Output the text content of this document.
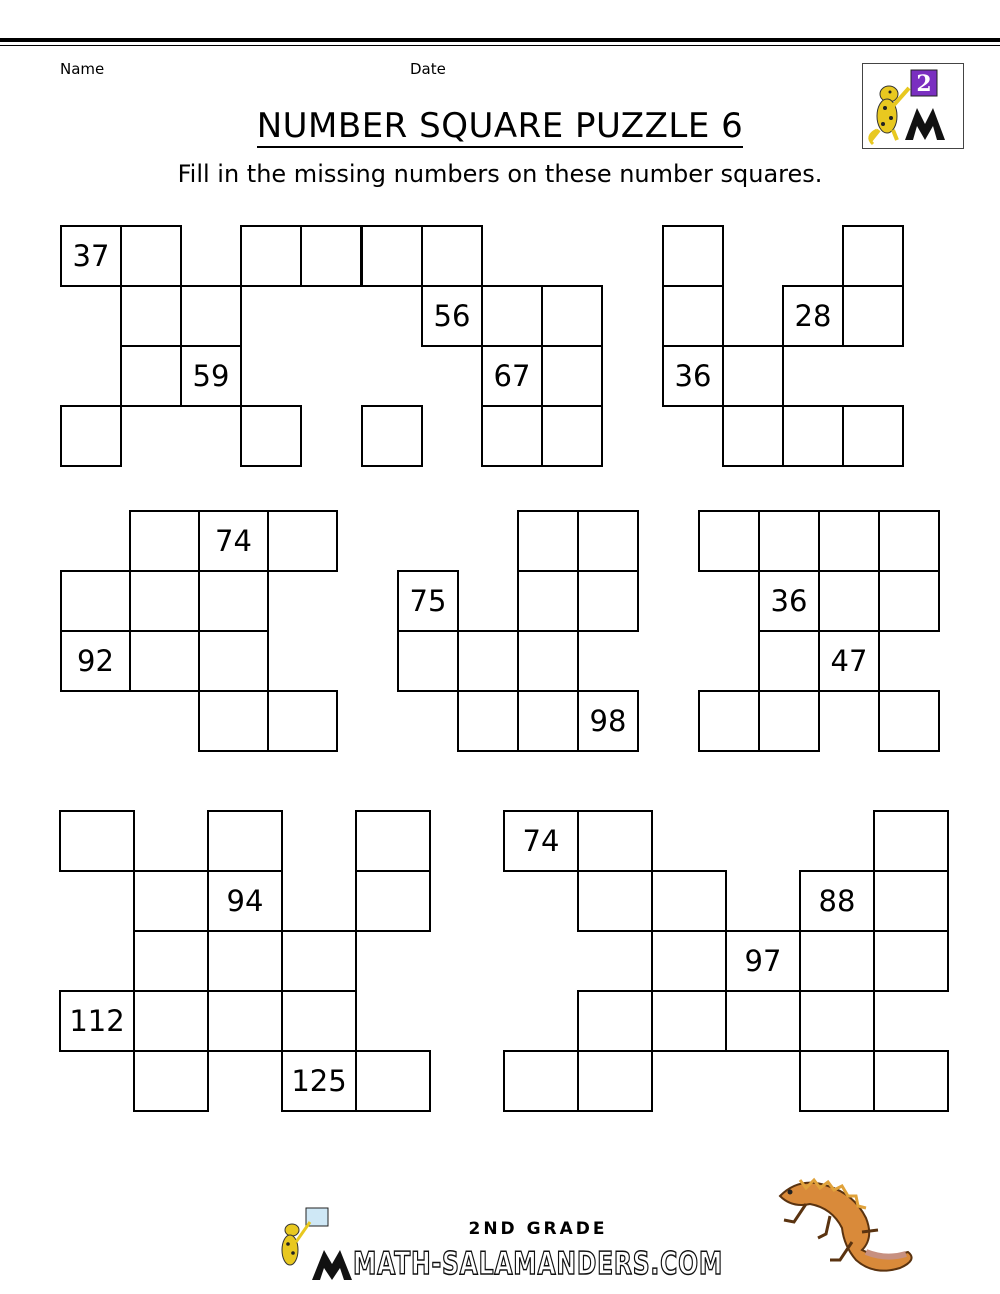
Name	Date
2
NUMBER SQUARE PUZZLE 6
Fill in the missing numbers on these number squares.
37
59
56
67
28
36
74
92
75
98
36
47
94
112
125
74
88
97
2ND GRADE
MATH-SALAMANDERS.COM
